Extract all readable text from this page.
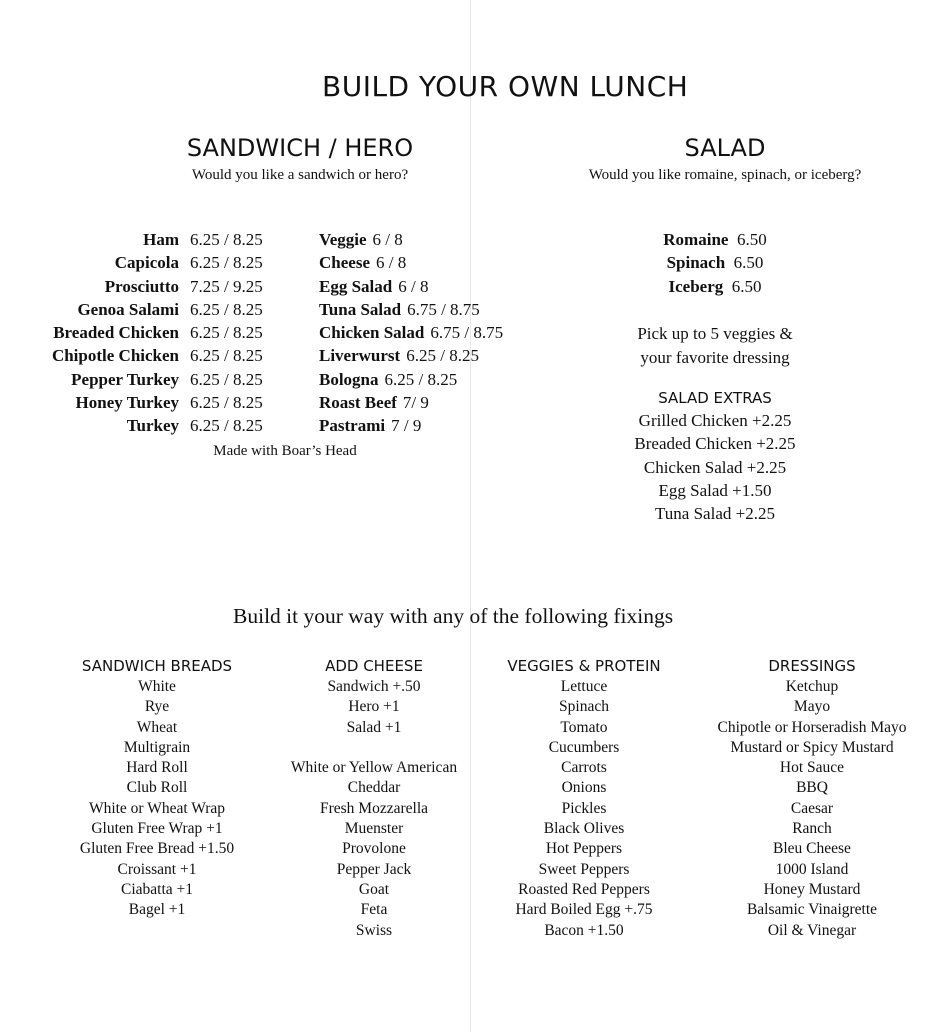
BUILD YOUR OWN LUNCH
SANDWICH / HERO
Would you like a sandwich or hero?
SALAD
Would you like romaine, spinach, or iceberg?
Ham 6.25 / 8.25
Capicola 6.25 / 8.25
Prosciutto 7.25 / 9.25
Genoa Salami 6.25 / 8.25
Breaded Chicken 6.25 / 8.25
Chipotle Chicken 6.25 / 8.25
Pepper Turkey 6.25 / 8.25
Honey Turkey 6.25 / 8.25
Turkey 6.25 / 8.25
Veggie 6 / 8
Cheese 6 / 8
Egg Salad 6 / 8
Tuna Salad 6.75 / 8.75
Chicken Salad 6.75 / 8.75
Liverwurst 6.25 / 8.25
Bologna 6.25 / 8.25
Roast Beef 7/ 9
Pastrami 7 / 9
Made with Boar’s Head
Romaine 6.50
Spinach 6.50
Iceberg 6.50
Pick up to 5 veggies &
your favorite dressing
SALAD EXTRAS
Grilled Chicken +2.25
Breaded Chicken +2.25
Chicken Salad +2.25
Egg Salad +1.50
Tuna Salad +2.25
Build it your way with any of the following fixings
SANDWICH BREADS
White
Rye
Wheat
Multigrain
Hard Roll
Club Roll
White or Wheat Wrap
Gluten Free Wrap +1
Gluten Free Bread +1.50
Croissant +1
Ciabatta +1
Bagel +1
ADD CHEESE
Sandwich +.50
Hero +1
Salad +1

White or Yellow American
Cheddar
Fresh Mozzarella
Muenster
Provolone
Pepper Jack
Goat
Feta
Swiss
VEGGIES & PROTEIN
Lettuce
Spinach
Tomato
Cucumbers
Carrots
Onions
Pickles
Black Olives
Hot Peppers
Sweet Peppers
Roasted Red Peppers
Hard Boiled Egg +.75
Bacon +1.50
DRESSINGS
Ketchup
Mayo
Chipotle or Horseradish Mayo
Mustard or Spicy Mustard
Hot Sauce
BBQ
Caesar
Ranch
Bleu Cheese
1000 Island
Honey Mustard
Balsamic Vinaigrette
Oil & Vinegar
